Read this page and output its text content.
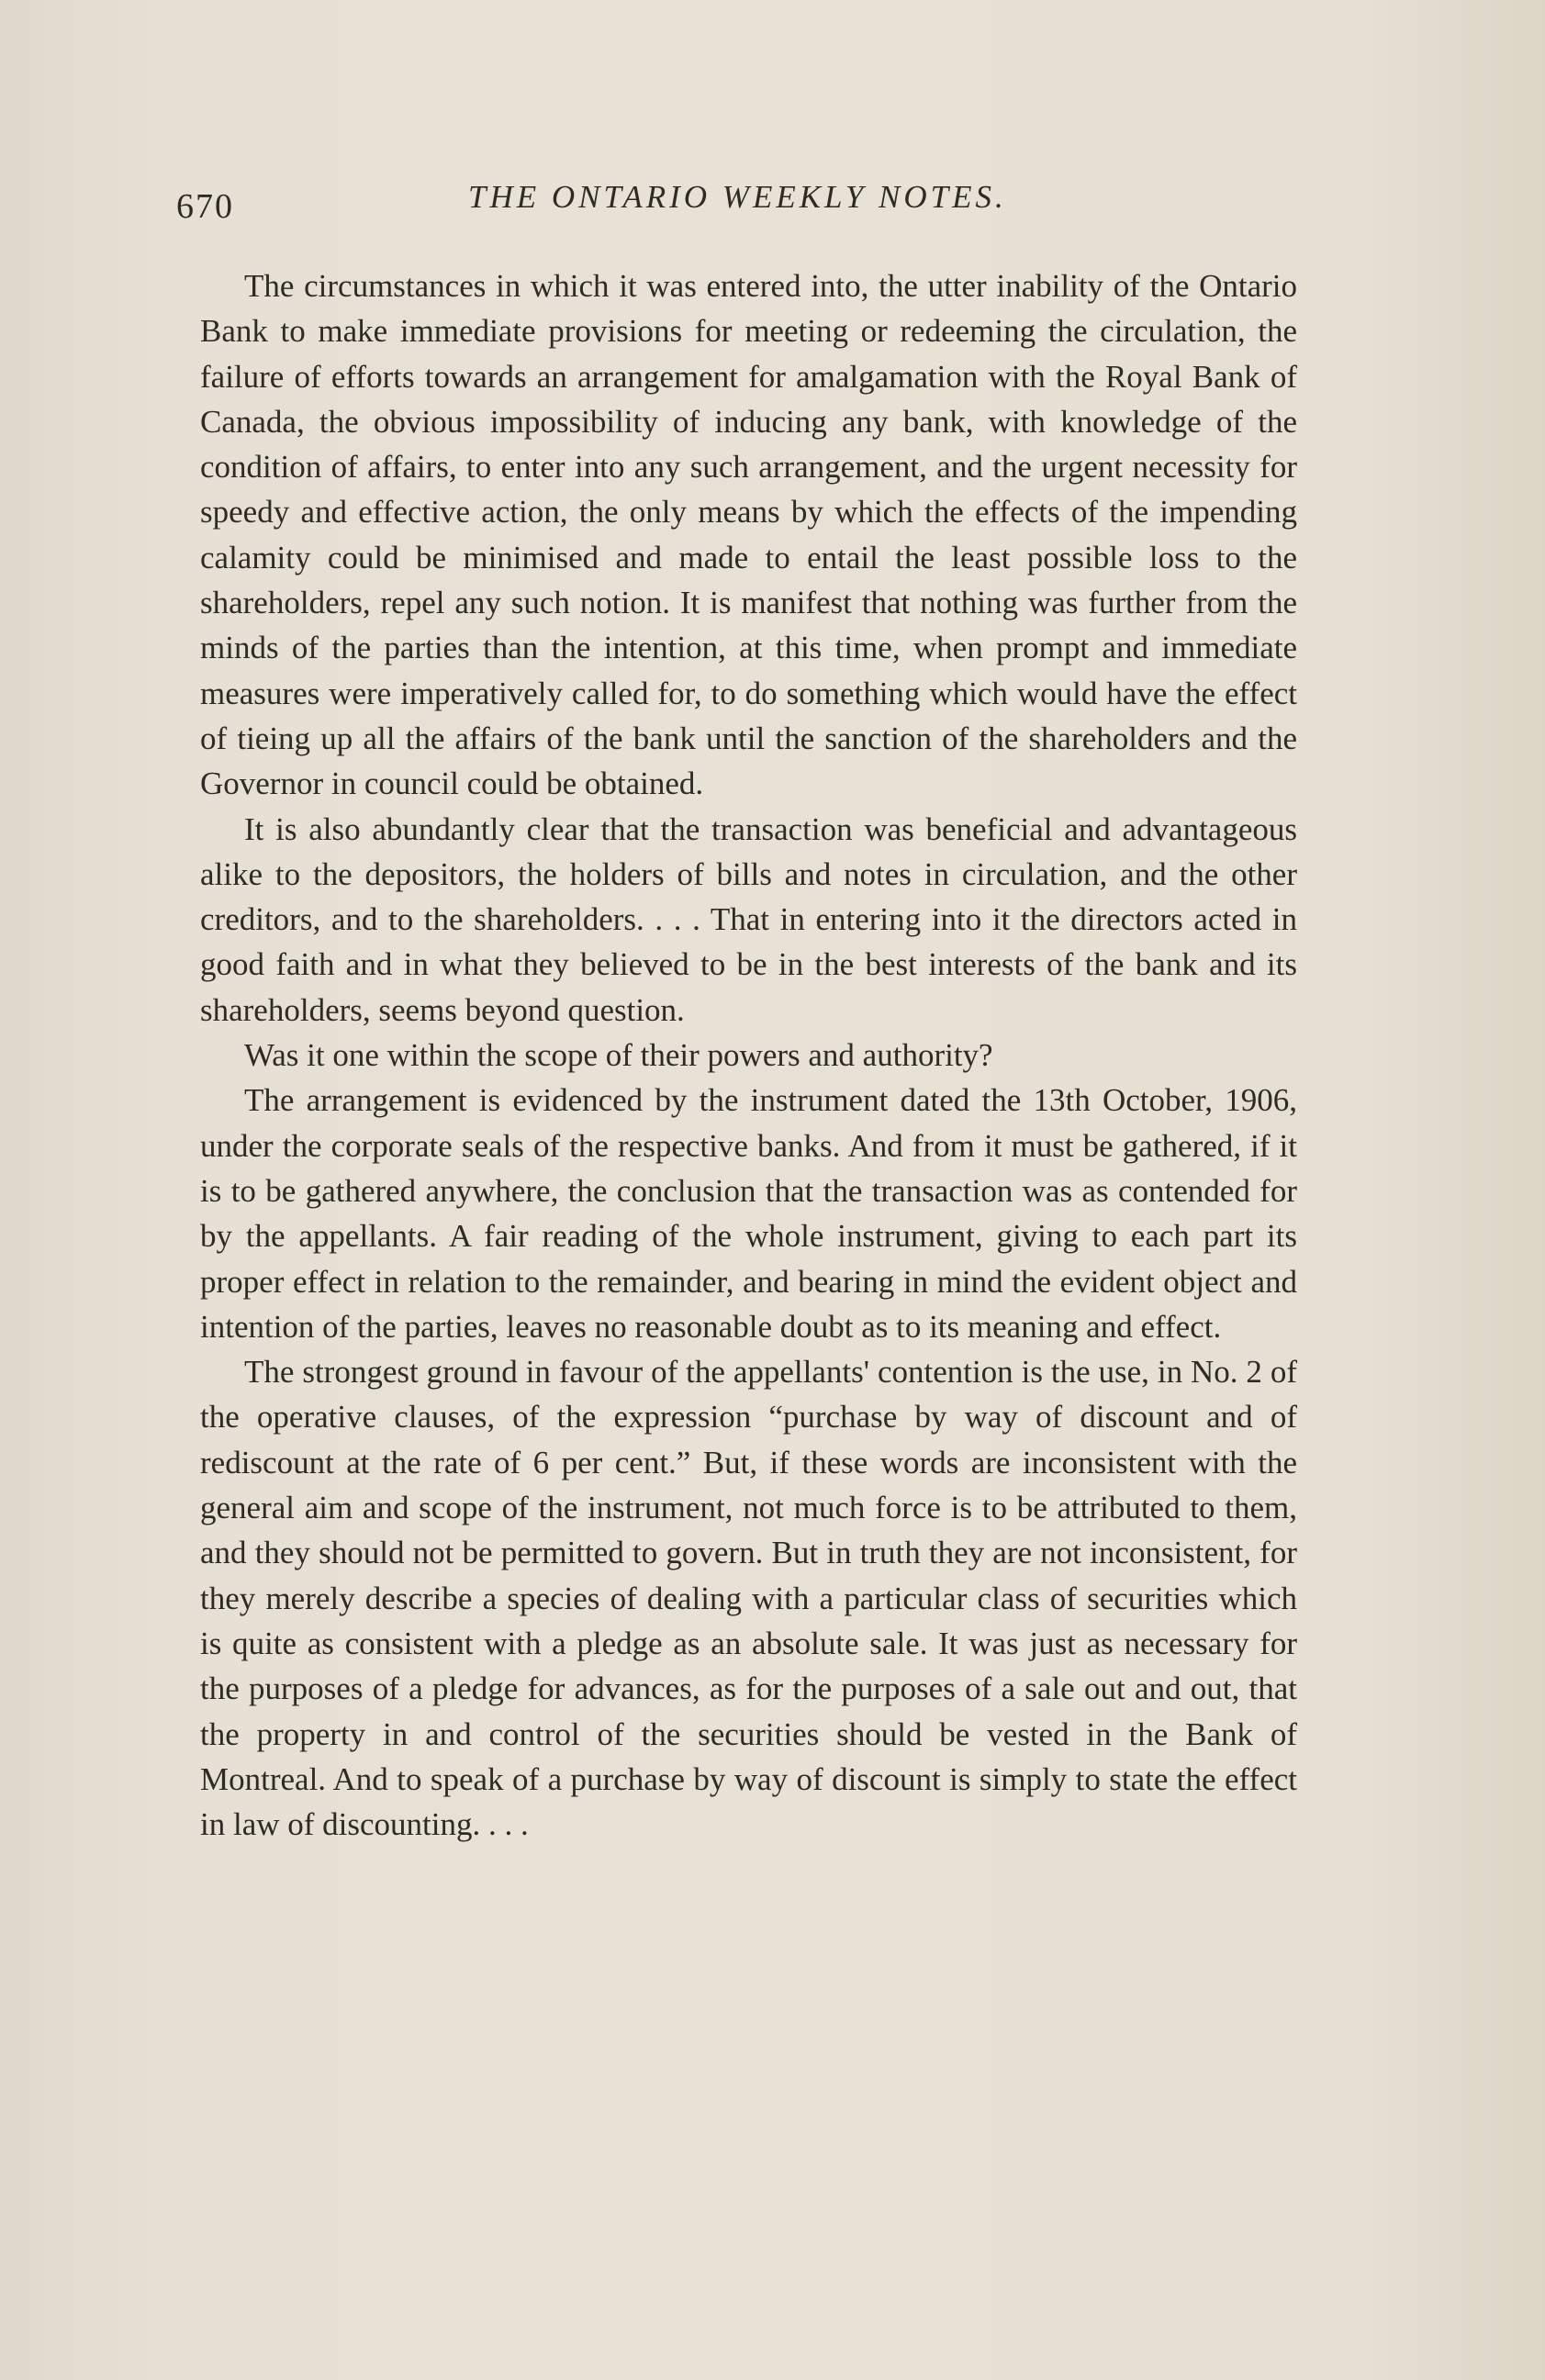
670	THE ONTARIO WEEKLY NOTES.

The circumstances in which it was entered into, the utter inability of the Ontario Bank to make immediate provisions for meeting or redeeming the circulation, the failure of efforts towards an arrangement for amalgamation with the Royal Bank of Canada, the obvious impossibility of inducing any bank, with knowledge of the condition of affairs, to enter into any such arrangement, and the urgent necessity for speedy and effective action, the only means by which the effects of the impending calamity could be minimised and made to entail the least possible loss to the shareholders, repel any such notion. It is manifest that nothing was further from the minds of the parties than the intention, at this time, when prompt and immediate measures were imperatively called for, to do something which would have the effect of tieing up all the affairs of the bank until the sanction of the shareholders and the Governor in council could be obtained.

It is also abundantly clear that the transaction was beneficial and advantageous alike to the depositors, the holders of bills and notes in circulation, and the other creditors, and to the shareholders. . . . That in entering into it the directors acted in good faith and in what they believed to be in the best interests of the bank and its shareholders, seems beyond question.

Was it one within the scope of their powers and authority?

The arrangement is evidenced by the instrument dated the 13th October, 1906, under the corporate seals of the respective banks. And from it must be gathered, if it is to be gathered anywhere, the conclusion that the transaction was as contended for by the appellants. A fair reading of the whole instrument, giving to each part its proper effect in relation to the remainder, and bearing in mind the evident object and intention of the parties, leaves no reasonable doubt as to its meaning and effect.

The strongest ground in favour of the appellants' contention is the use, in No. 2 of the operative clauses, of the expression “purchase by way of discount and of rediscount at the rate of 6 per cent.” But, if these words are inconsistent with the general aim and scope of the instrument, not much force is to be attributed to them, and they should not be permitted to govern. But in truth they are not inconsistent, for they merely describe a species of dealing with a particular class of securities which is quite as consistent with a pledge as an absolute sale. It was just as necessary for the purposes of a pledge for advances, as for the purposes of a sale out and out, that the property in and control of the securities should be vested in the Bank of Montreal. And to speak of a purchase by way of discount is simply to state the effect in law of discounting. . . .
